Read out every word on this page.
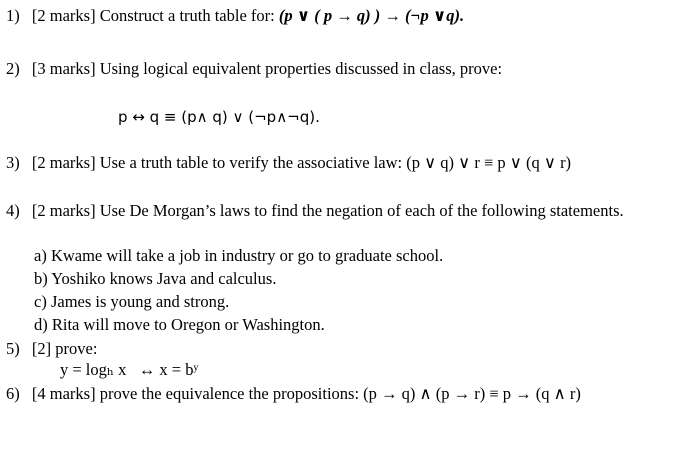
1) [2 marks] Construct a truth table for: (p ∨ ( p → q) ) → (¬p ∨q).
2) [3 marks] Using logical equivalent properties discussed in class, prove:
p ↔ q ≡ (p∧ q) ∨ (¬p∧¬q).
3) [2 marks] Use a truth table to verify the associative law: (p ∨ q) ∨ r ≡ p ∨ (q ∨ r)
4) [2 marks] Use De Morgan’s laws to find the negation of each of the following statements.
a) Kwame will take a job in industry or go to graduate school.
b) Yoshiko knows Java and calculus.
c) James is young and strong.
d) Rita will move to Oregon or Washington.
5) [2] prove:
y = logₕ x   ↔ x = bʸ
6) [4 marks] prove the equivalence the propositions: (p → q) ∧ (p → r) ≡ p → (q ∧ r)
